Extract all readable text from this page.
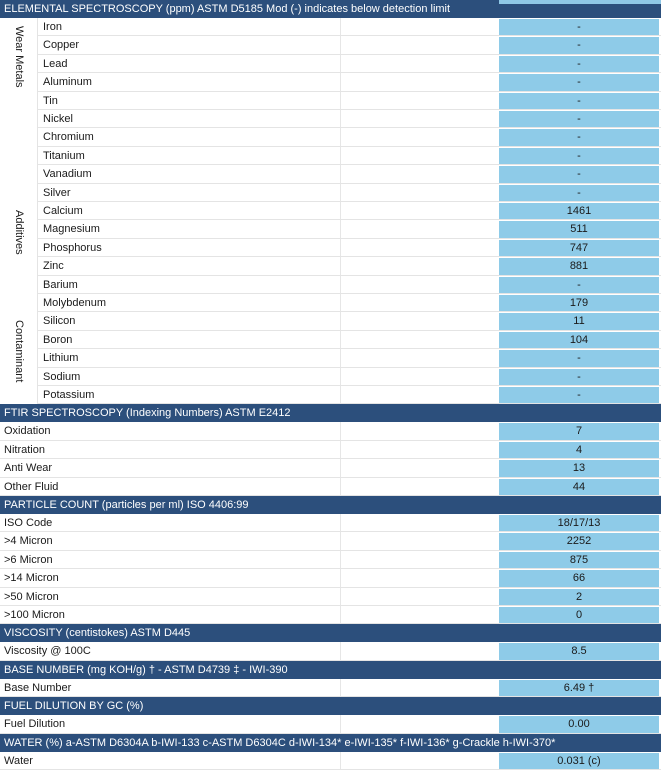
ELEMENTAL SPECTROSCOPY (ppm) ASTM D5185 Mod (-) indicates below detection limit
Iron	-
Copper	-
Lead	-
Aluminum	-
Tin	-
Nickel	-
Chromium	-
Titanium	-
Vanadium	-
Silver	-
Wear Metals
Calcium	1461
Magnesium	511
Phosphorus	747
Zinc	881
Barium	-
Molybdenum	179
Additives
Silicon	11
Boron	104
Lithium	-
Sodium	-
Potassium	-
Contaminant
FTIR SPECTROSCOPY (Indexing Numbers) ASTM E2412
Oxidation	7
Nitration	4
Anti Wear	13
Other Fluid	44
PARTICLE COUNT (particles per ml) ISO 4406:99
ISO Code	18/17/13
>4 Micron	2252
>6 Micron	875
>14 Micron	66
>50 Micron	2
>100 Micron	0
VISCOSITY (centistokes) ASTM D445
Viscosity @ 100C	8.5
BASE NUMBER (mg KOH/g) † - ASTM D4739 ‡ - IWI-390
Base Number	6.49 †
FUEL DILUTION BY GC (%)
Fuel Dilution	0.00
WATER (%) a-ASTM D6304A b-IWI-133 c-ASTM D6304C d-IWI-134* e-IWI-135* f-IWI-136* g-Crackle h-IWI-370*
Water	0.031 (c)
